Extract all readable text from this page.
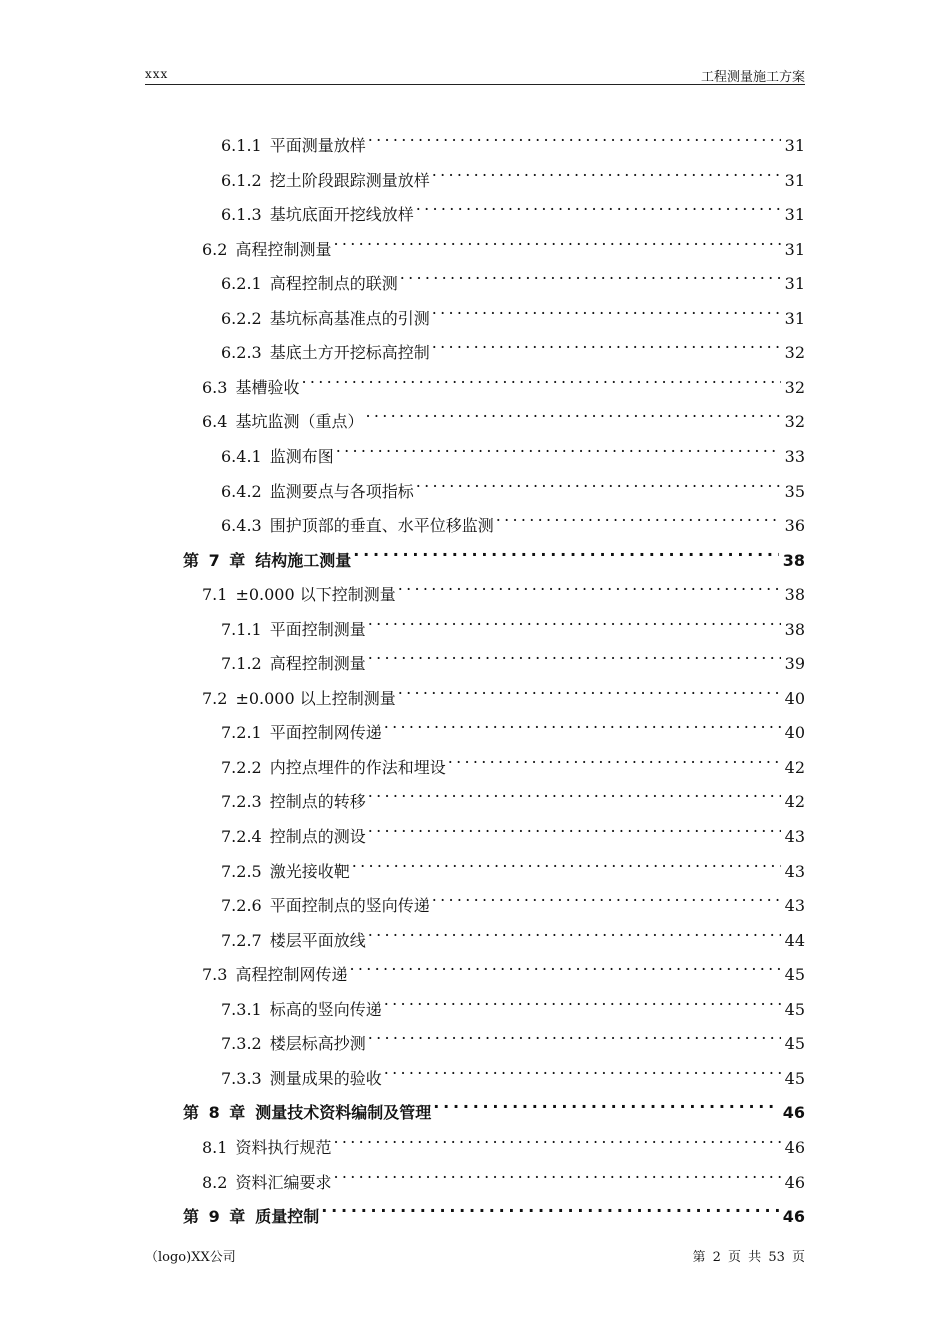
xxx	工程测量施工方案
6.1.1 平面测量放样 . . .	31
6.1.2 挖土阶段跟踪测量放样 . . .	31
6.1.3 基坑底面开挖线放样 . . .	31
6.2 高程控制测量 . . .	31
6.2.1 高程控制点的联测 . . .	31
6.2.2 基坑标高基准点的引测 . . .	31
6.2.3 基底土方开挖标高控制 . . .	32
6.3 基槽验收 . . .	32
6.4 基坑监测（重点） . . .	32
6.4.1 监测布图 . . .	33
6.4.2 监测要点与各项指标 . . .	35
6.4.3 围护顶部的垂直、水平位移监测 . . .	36
第 7 章 结构施工测量 . . .	38
7.1 ±0.000 以下控制测量 . . .	38
7.1.1 平面控制测量 . . .	38
7.1.2 高程控制测量 . . .	39
7.2 ±0.000 以上控制测量 . . .	40
7.2.1 平面控制网传递 . . .	40
7.2.2 内控点埋件的作法和埋设 . . .	42
7.2.3 控制点的转移 . . .	42
7.2.4 控制点的测设 . . .	43
7.2.5 激光接收靶 . . .	43
7.2.6 平面控制点的竖向传递 . . .	43
7.2.7 楼层平面放线 . . .	44
7.3 高程控制网传递 . . .	45
7.3.1 标高的竖向传递 . . .	45
7.3.2 楼层标高抄测 . . .	45
7.3.3 测量成果的验收 . . .	45
第 8 章 测量技术资料编制及管理 . . .	46
8.1 资料执行规范 . . .	46
8.2 资料汇编要求 . . .	46
第 9 章 质量控制 . . .	46
（logo)XX公司	第 2 页 共 53 页
